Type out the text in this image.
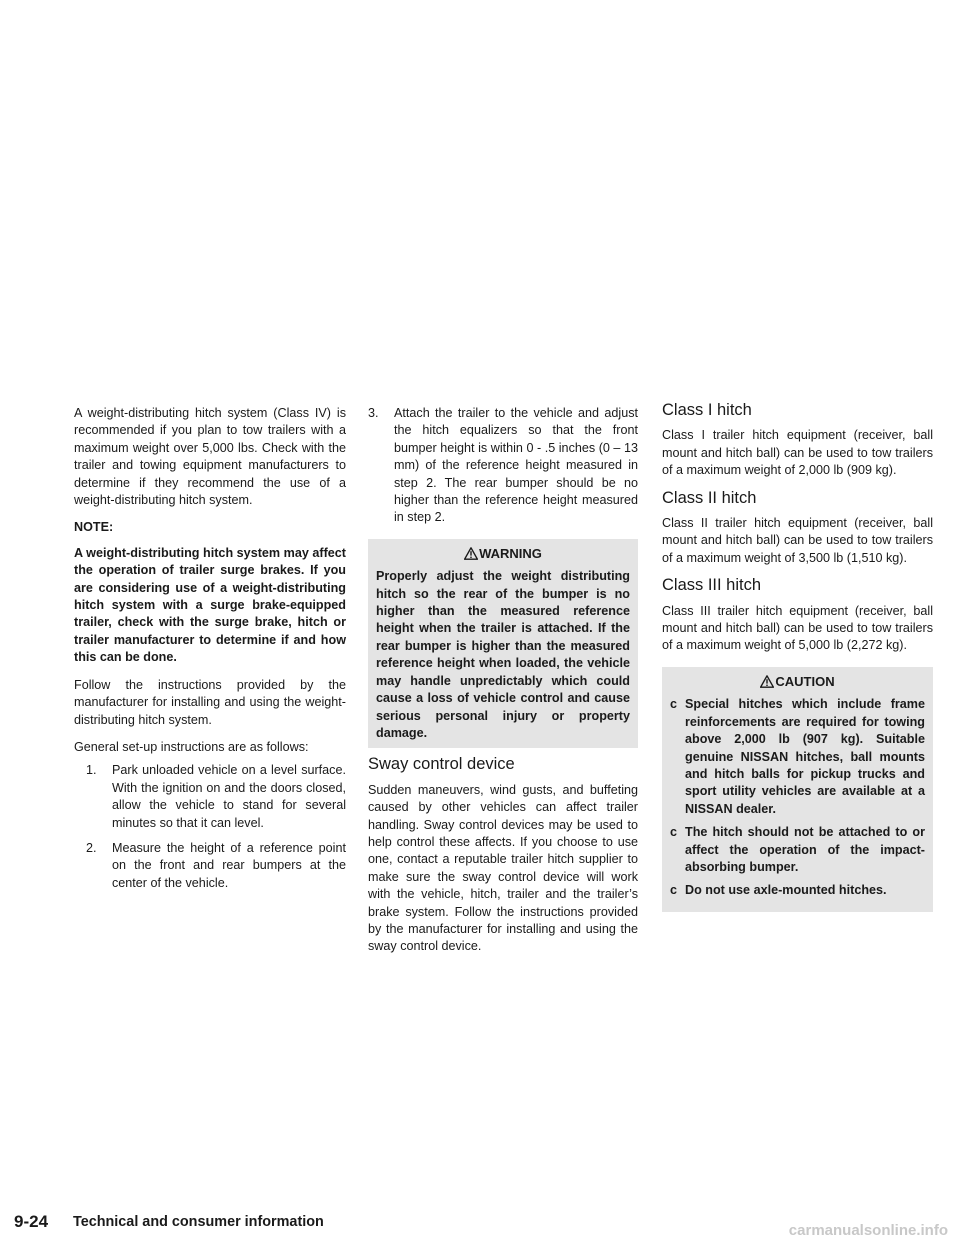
A weight-distributing hitch system (Class IV) is recommended if you plan to tow trailers with a maximum weight over 5,000 lbs. Check with the trailer and towing equipment manufacturers to determine if they recommend the use of a weight-distributing hitch system.

NOTE:

A weight-distributing hitch system may affect the operation of trailer surge brakes. If you are considering use of a weight-distributing hitch system with a surge brake-equipped trailer, check with the surge brake, hitch or trailer manufacturer to determine if and how this can be done.

Follow the instructions provided by the manufacturer for installing and using the weight-distributing hitch system.

General set-up instructions are as follows:

1. Park unloaded vehicle on a level surface. With the ignition on and the doors closed, allow the vehicle to stand for several minutes so that it can level.
2. Measure the height of a reference point on the front and rear bumpers at the center of the vehicle.
3. Attach the trailer to the vehicle and adjust the hitch equalizers so that the front bumper height is within 0 - .5 inches (0 – 13 mm) of the reference height measured in step 2. The rear bumper should be no higher than the reference height measured in step 2.
WARNING
Properly adjust the weight distributing hitch so the rear of the bumper is no higher than the measured reference height when the trailer is attached. If the rear bumper is higher than the measured reference height when loaded, the vehicle may handle unpredictably which could cause a loss of vehicle control and cause serious personal injury or property damage.
Sway control device

Sudden maneuvers, wind gusts, and buffeting caused by other vehicles can affect trailer handling. Sway control devices may be used to help control these affects. If you choose to use one, contact a reputable trailer hitch supplier to make sure the sway control device will work with the vehicle, hitch, trailer and the trailer’s brake system. Follow the instructions provided by the manufacturer for installing and using the sway control device.

Class I hitch

Class I trailer hitch equipment (receiver, ball mount and hitch ball) can be used to tow trailers of a maximum weight of 2,000 lb (909 kg).

Class II hitch

Class II trailer hitch equipment (receiver, ball mount and hitch ball) can be used to tow trailers of a maximum weight of 3,500 lb (1,510 kg).

Class III hitch

Class III trailer hitch equipment (receiver, ball mount and hitch ball) can be used to tow trailers of a maximum weight of 5,000 lb (2,272 kg).

CAUTION
c Special hitches which include frame reinforcements are required for towing above 2,000 lb (907 kg). Suitable genuine NISSAN hitches, ball mounts and hitch balls for pickup trucks and sport utility vehicles are available at a NISSAN dealer.
c The hitch should not be attached to or affect the operation of the impact-absorbing bumper.
c Do not use axle-mounted hitches.
9-24 Technical and consumer information	carmanualsonline.info
